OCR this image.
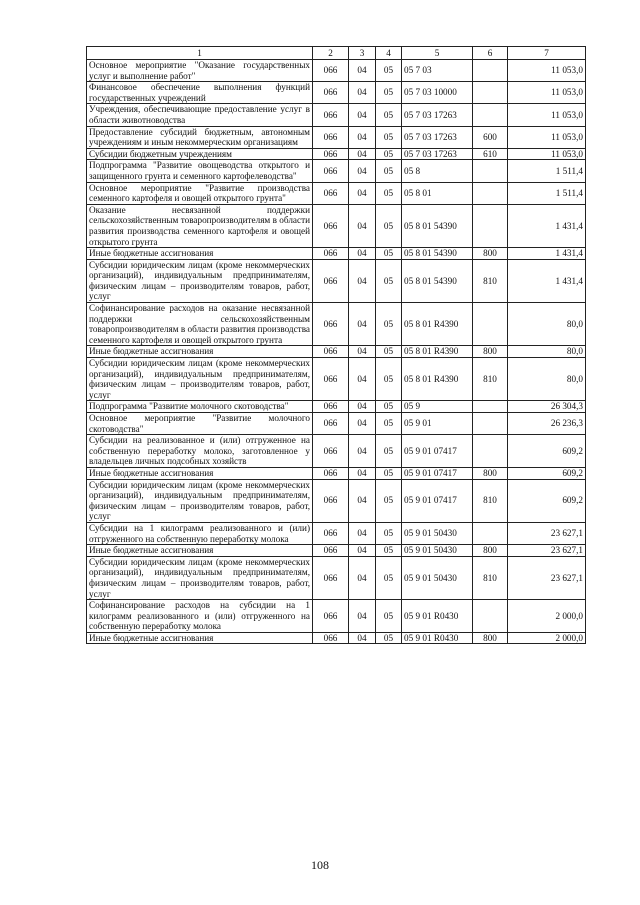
1	2	3	4	5	6	7
Основное мероприятие "Оказание государственных услуг и выполнение работ"	066	04	05	05 7 03		11 053,0
Финансовое обеспечение выполнения функций государственных учреждений	066	04	05	05 7 03 10000		11 053,0
Учреждения, обеспечивающие предоставление услуг в области животноводства	066	04	05	05 7 03 17263		11 053,0
Предоставление субсидий бюджетным, автономным учреждениям и иным некоммерческим организациям	066	04	05	05 7 03 17263	600	11 053,0
Субсидии бюджетным учреждениям	066	04	05	05 7 03 17263	610	11 053,0
Подпрограмма "Развитие овощеводства открытого и защищенного грунта и семенного картофелеводства"	066	04	05	05 8		1 511,4
Основное мероприятие "Развитие производства семенного картофеля и овощей открытого грунта"	066	04	05	05 8 01		1 511,4
Оказание несвязанной поддержки сельскохозяйственным товаропроизводителям в области развития производства семенного картофеля и овощей открытого грунта	066	04	05	05 8 01 54390		1 431,4
Иные бюджетные ассигнования	066	04	05	05 8 01 54390	800	1 431,4
Субсидии юридическим лицам (кроме некоммерческих организаций), индивидуальным предпринимателям, физическим лицам – производителям товаров, работ, услуг	066	04	05	05 8 01 54390	810	1 431,4
Софинансирование расходов на оказание несвязанной поддержки сельскохозяйственным товаропроизводителям в области развития производства семенного картофеля и овощей открытого грунта	066	04	05	05 8 01 R4390		80,0
Иные бюджетные ассигнования	066	04	05	05 8 01 R4390	800	80,0
Субсидии юридическим лицам (кроме некоммерческих организаций), индивидуальным предпринимателям, физическим лицам – производителям товаров, работ, услуг	066	04	05	05 8 01 R4390	810	80,0
Подпрограмма "Развитие молочного скотоводства"	066	04	05	05 9		26 304,3
Основное мероприятие "Развитие молочного скотоводства"	066	04	05	05 9 01		26 236,3
Субсидии на реализованное и (или) отгруженное на собственную переработку молоко, заготовленное у владельцев личных подсобных хозяйств	066	04	05	05 9 01 07417		609,2
Иные бюджетные ассигнования	066	04	05	05 9 01 07417	800	609,2
Субсидии юридическим лицам (кроме некоммерческих организаций), индивидуальным предпринимателям, физическим лицам – производителям товаров, работ, услуг	066	04	05	05 9 01 07417	810	609,2
Субсидии на 1 килограмм реализованного и (или) отгруженного на собственную переработку молока	066	04	05	05 9 01 50430		23 627,1
Иные бюджетные ассигнования	066	04	05	05 9 01 50430	800	23 627,1
Субсидии юридическим лицам (кроме некоммерческих организаций), индивидуальным предпринимателям, физическим лицам – производителям товаров, работ, услуг	066	04	05	05 9 01 50430	810	23 627,1
Софинансирование расходов на субсидии на 1 килограмм реализованного и (или) отгруженного на собственную переработку молока	066	04	05	05 9 01 R0430		2 000,0
Иные бюджетные ассигнования	066	04	05	05 9 01 R0430	800	2 000,0
108
